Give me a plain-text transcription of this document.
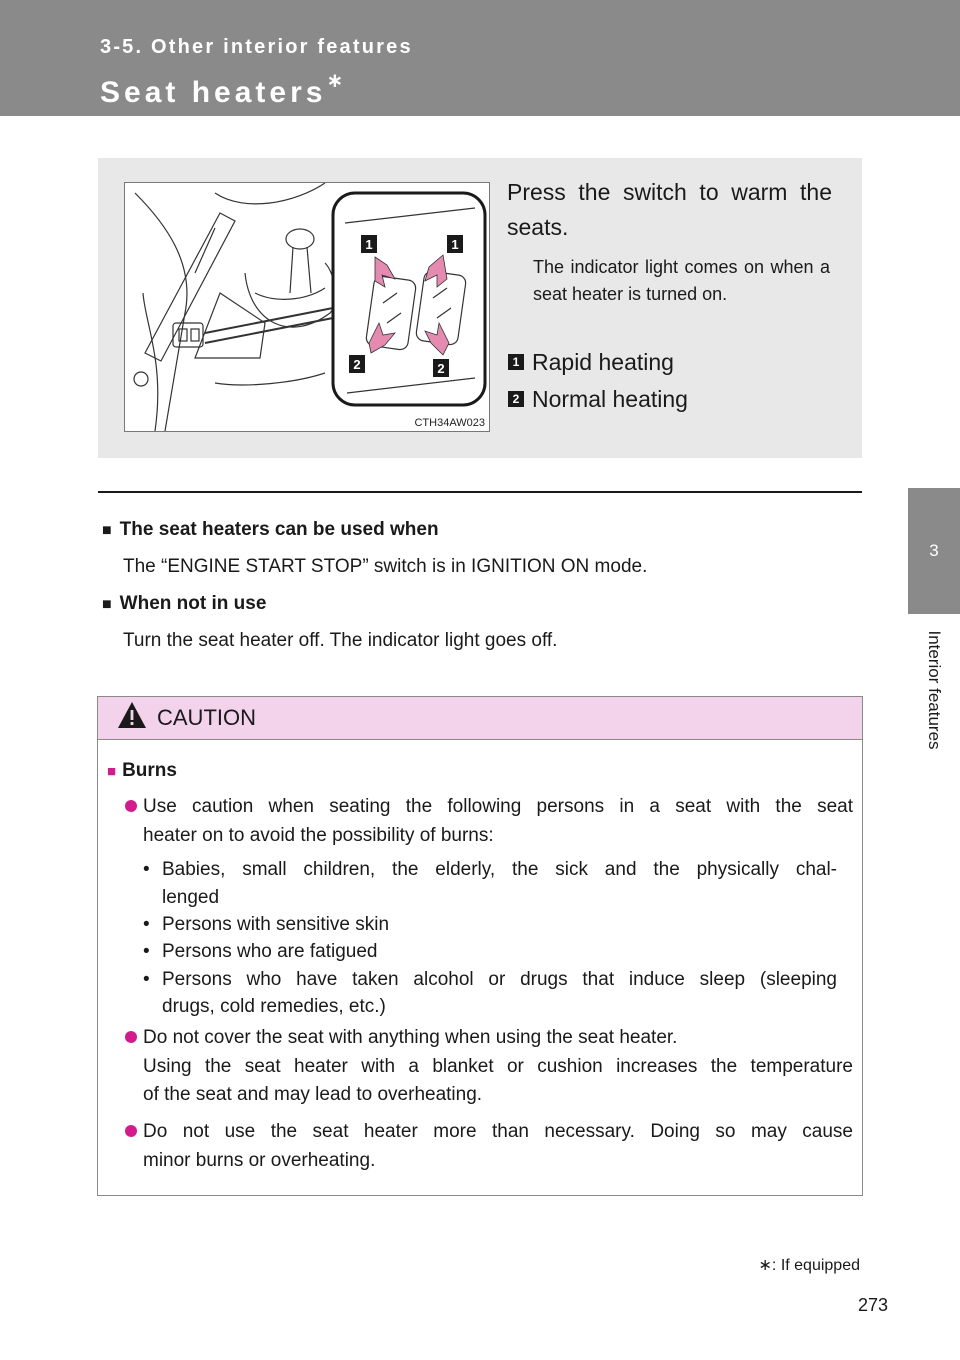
3-5. Other interior features
Seat heaters∗
3
Interior features
1	1
2	2
CTH34AW023
Press the switch to warm the seats.
The indicator light comes on when a seat heater is turned on.
1 Rapid heating
2 Normal heating
■ The seat heaters can be used when
The “ENGINE START STOP” switch is in IGNITION ON mode.
■ When not in use
Turn the seat heater off. The indicator light goes off.
CAUTION
■ Burns
Use caution when seating the following persons in a seat with the seat
heater on to avoid the possibility of burns:
• Babies, small children, the elderly, the sick and the physically chal-
lenged
• Persons with sensitive skin
• Persons who are fatigued
• Persons who have taken alcohol or drugs that induce sleep (sleeping
drugs, cold remedies, etc.)
Do not cover the seat with anything when using the seat heater.
Using the seat heater with a blanket or cushion increases the temperature
of the seat and may lead to overheating.
Do not use the seat heater more than necessary. Doing so may cause
minor burns or overheating.
∗: If equipped
273
